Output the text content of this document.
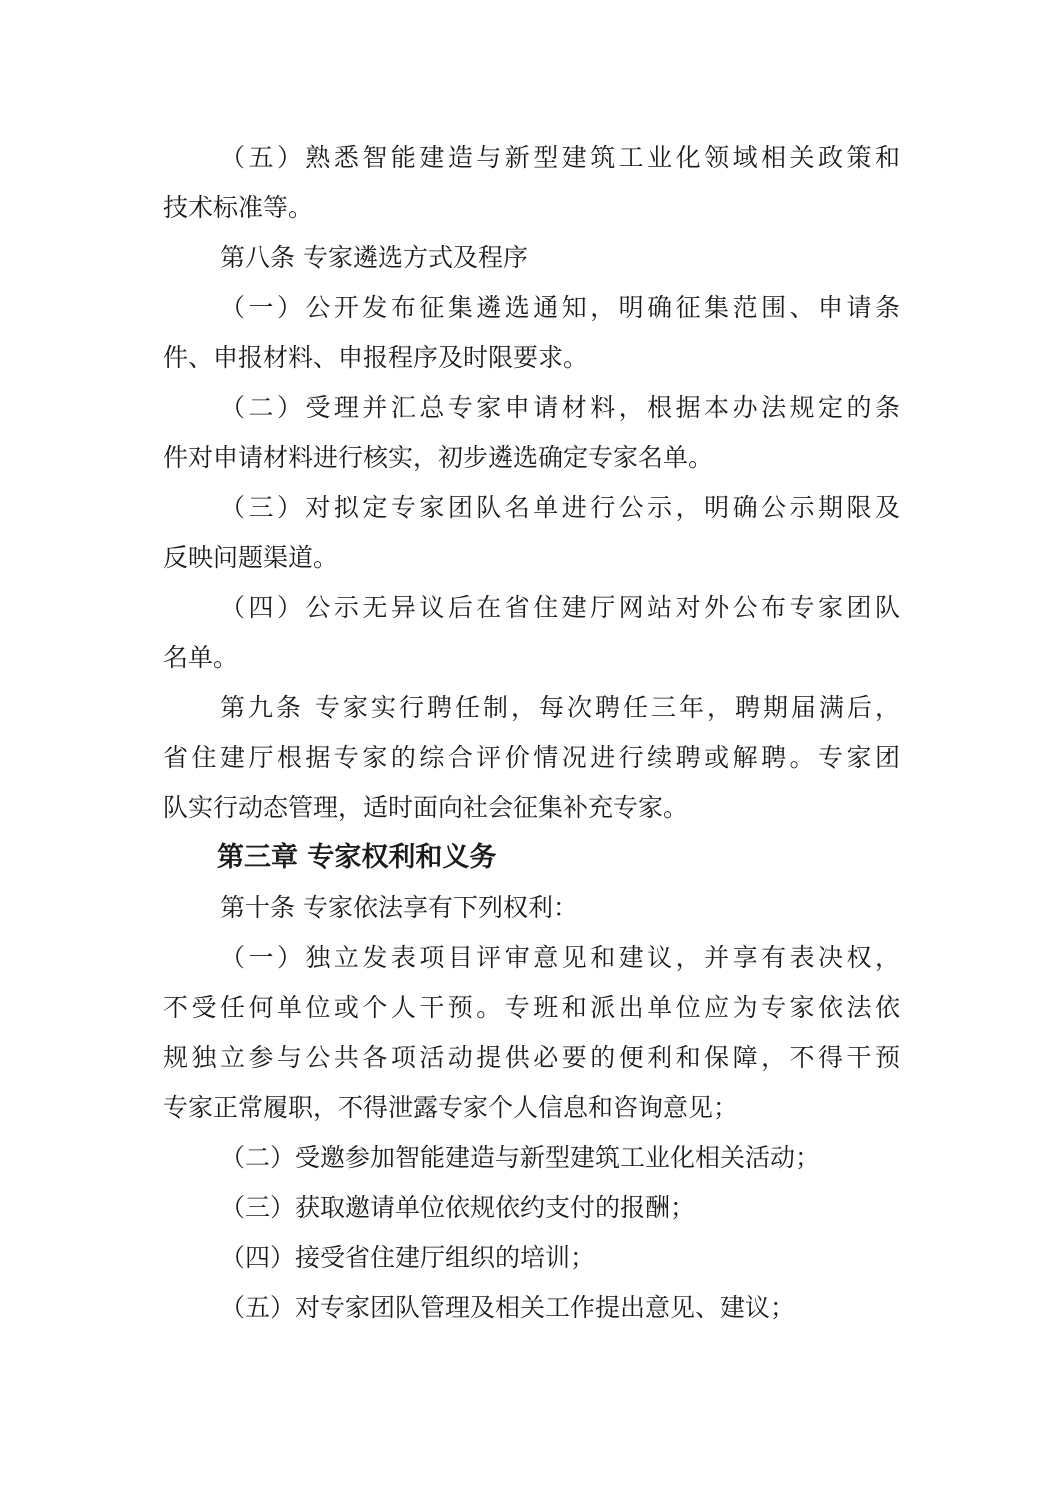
（五）熟悉智能建造与新型建筑工业化领域相关政策和
技术标准等。
第八条 专家遴选方式及程序
（一）公开发布征集遴选通知，明确征集范围、申请条
件、申报材料、申报程序及时限要求。
（二）受理并汇总专家申请材料，根据本办法规定的条
件对申请材料进行核实，初步遴选确定专家名单。
（三）对拟定专家团队名单进行公示，明确公示期限及
反映问题渠道。
（四）公示无异议后在省住建厅网站对外公布专家团队
名单。
第九条 专家实行聘任制，每次聘任三年，聘期届满后，
省住建厅根据专家的综合评价情况进行续聘或解聘。专家团
队实行动态管理，适时面向社会征集补充专家。
第三章 专家权利和义务
第十条 专家依法享有下列权利：
（一）独立发表项目评审意见和建议，并享有表决权，
不受任何单位或个人干预。专班和派出单位应为专家依法依
规独立参与公共各项活动提供必要的便利和保障，不得干预
专家正常履职，不得泄露专家个人信息和咨询意见；
（二）受邀参加智能建造与新型建筑工业化相关活动；
（三）获取邀请单位依规依约支付的报酬；
（四）接受省住建厅组织的培训；
（五）对专家团队管理及相关工作提出意见、建议；
